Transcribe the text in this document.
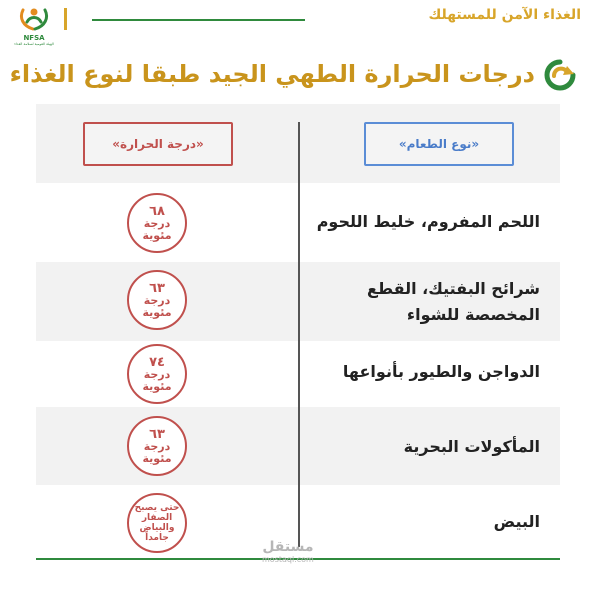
NFSA
الهيئة القومية لسلامة الغذاء
الغذاء الآمن للمستهلك
درجات الحرارة الطهي الجيد طبقا لنوع الغذاء
«درجة الحرارة»	«نوع الطعام»
اللحم المفروم، خليط اللحوم
٦٨
درجة مئوية
شرائح البفتيك، القطع المخصصة للشواء
٦٣
درجة مئوية
الدواجن والطيور بأنواعها
٧٤
درجة مئوية
المأكولات البحرية
٦٣
درجة مئوية
البيض
حتى يصبح الصفار والبياض جامداً
مستقل
mostaql.com
